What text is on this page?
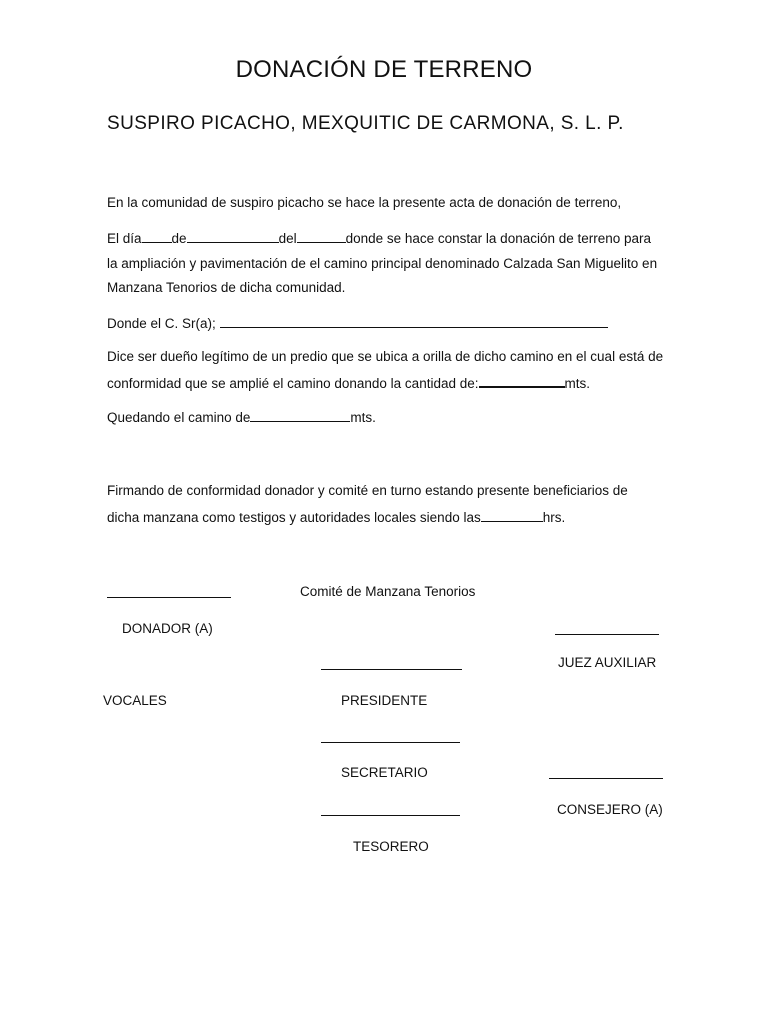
DONACIÓN DE TERRENO
SUSPIRO PICACHO, MEXQUITIC DE CARMONA, S. L. P.
En la comunidad de suspiro picacho se hace la presente acta de donación de terreno,
El día de	del	donde se hace constar la donación de terreno para
la ampliación y pavimentación de el camino principal denominado Calzada San Miguelito en
Manzana Tenorios de dicha comunidad.
Donde el C. Sr(a);
Dice ser dueño legítimo de un predio que se ubica a orilla de dicho camino en el cual está de
conformidad que se amplié el camino donando la cantidad de:	mts.
Quedando el camino de	mts.
Firmando de conformidad donador y comité en turno estando presente beneficiarios de
dicha manzana como testigos y autoridades locales siendo las	hrs.
Comité de Manzana Tenorios
DONADOR (A)
JUEZ AUXILIAR
VOCALES	PRESIDENTE
SECRETARIO
CONSEJERO (A)
TESORERO
